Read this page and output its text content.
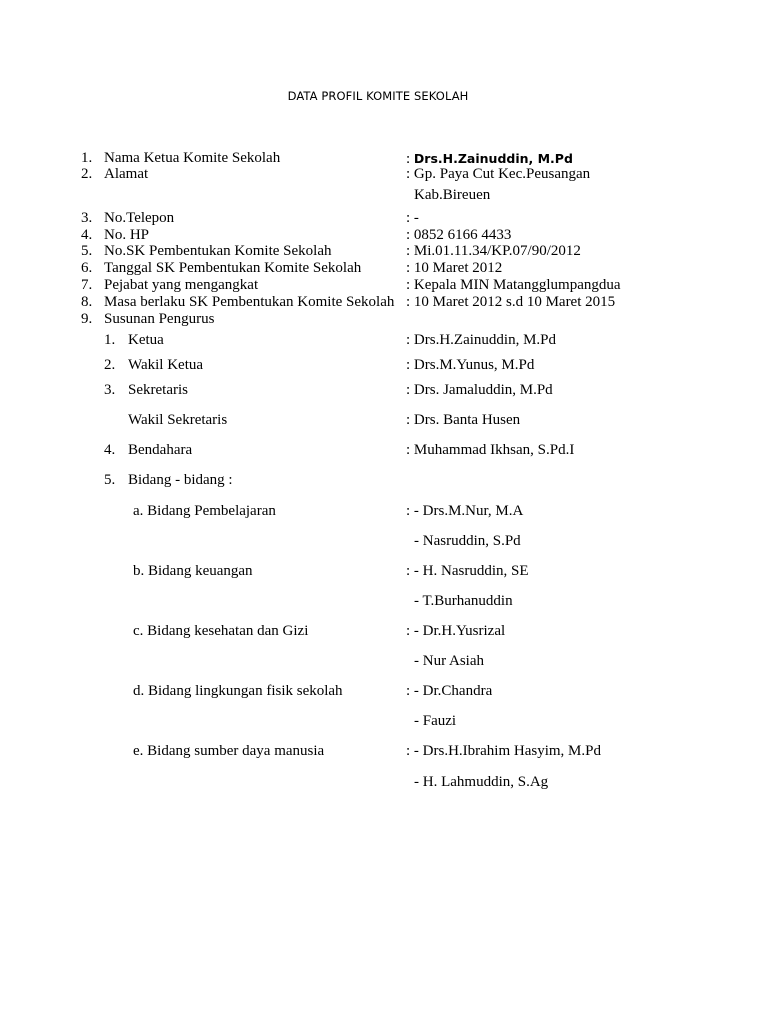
DATA PROFIL KOMITE SEKOLAH
1. Nama Ketua Komite Sekolah	: Drs.H.Zainuddin, M.Pd
2. Alamat	: Gp. Paya Cut Kec.Peusangan
Kab.Bireuen
3. No.Telepon	: -
4. No. HP	: 0852 6166 4433
5. No.SK Pembentukan Komite Sekolah	: Mi.01.11.34/KP.07/90/2012
6. Tanggal SK Pembentukan Komite Sekolah	: 10 Maret 2012
7. Pejabat yang mengangkat	: Kepala MIN Matangglumpangdua
8. Masa berlaku SK Pembentukan Komite Sekolah : 10 Maret 2012 s.d 10 Maret 2015
9. Susunan Pengurus
1. Ketua	: Drs.H.Zainuddin, M.Pd
2. Wakil Ketua	: Drs.M.Yunus, M.Pd
3. Sekretaris	: Drs. Jamaluddin, M.Pd
Wakil Sekretaris	: Drs. Banta Husen
4. Bendahara	: Muhammad Ikhsan, S.Pd.I
5. Bidang - bidang :
a. Bidang Pembelajaran	: - Drs.M.Nur, M.A
- Nasruddin, S.Pd
b. Bidang keuangan	: - H. Nasruddin, SE
- T.Burhanuddin
c. Bidang kesehatan dan Gizi	: - Dr.H.Yusrizal
- Nur Asiah
d. Bidang lingkungan fisik sekolah	: - Dr.Chandra
- Fauzi
e. Bidang sumber daya manusia	: - Drs.H.Ibrahim Hasyim, M.Pd
- H. Lahmuddin, S.Ag
